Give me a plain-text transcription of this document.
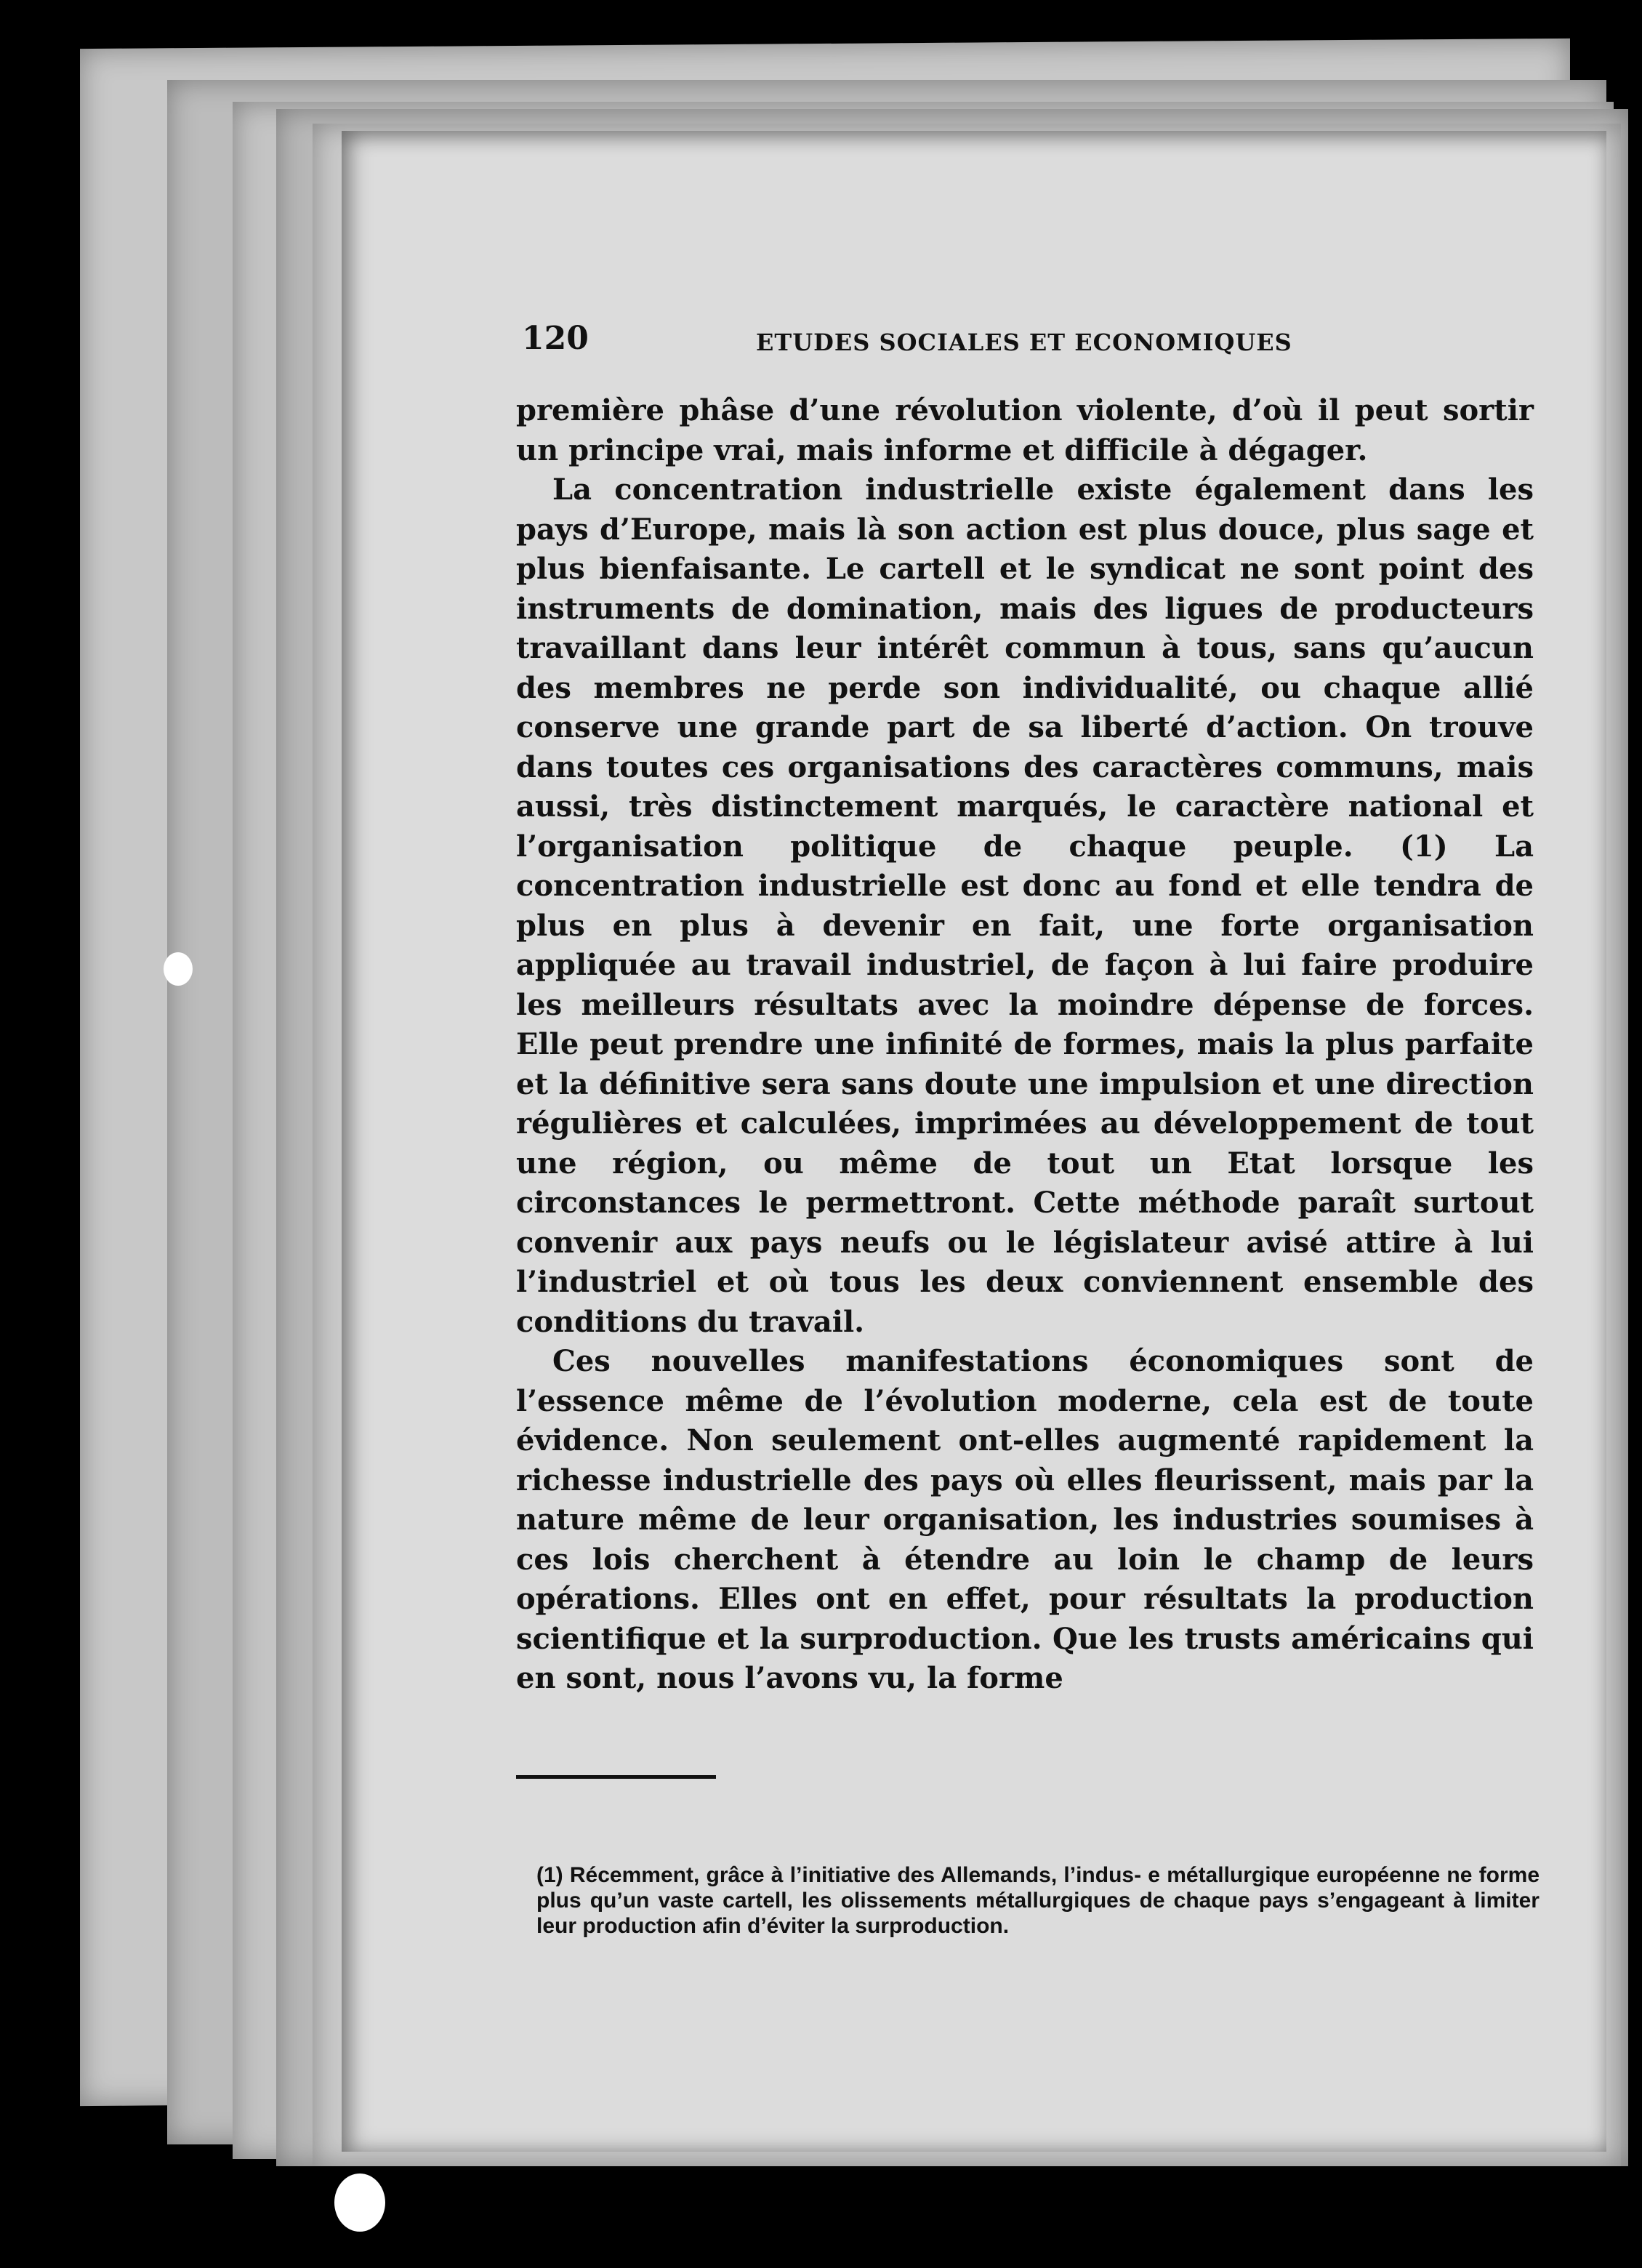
120	ETUDES SOCIALES ET ECONOMIQUES

première phâse d’une révolution violente, d’où il peut sortir un principe vrai, mais informe et difficile à dégager.

La concentration industrielle existe également dans les pays d’Europe, mais là son action est plus douce, plus sage et plus bienfaisante. Le cartell et le syndicat ne sont point des instruments de domination, mais des ligues de producteurs travaillant dans leur intérêt commun à tous, sans qu’aucun des membres ne perde son individualité, ou chaque allié conserve une grande part de sa liberté d’action. On trouve dans toutes ces organisations des caractères communs, mais aussi, très distinctement marqués, le caractère national et l’organisation politique de chaque peuple. (1) La concentration industrielle est donc au fond et elle tendra de plus en plus à devenir en fait, une forte organisation appliquée au travail industriel, de façon à lui faire produire les meilleurs résultats avec la moindre dépense de forces. Elle peut prendre une infinité de formes, mais la plus parfaite et la définitive sera sans doute une impulsion et une direction régulières et calculées, imprimées au développement de tout une région, ou même de tout un Etat lorsque les circonstances le permettront. Cette méthode paraît surtout convenir aux pays neufs ou le législateur avisé attire à lui l’industriel et où tous les deux conviennent ensemble des conditions du travail.

Ces nouvelles manifestations économiques sont de l’essence même de l’évolution moderne, cela est de toute évidence. Non seulement ont-elles augmenté rapidement la richesse industrielle des pays où elles fleurissent, mais par la nature même de leur organisation, les industries soumises à ces lois cherchent à étendre au loin le champ de leurs opérations. Elles ont en effet, pour résultats la production scientifique et la surproduction. Que les trusts américains qui en sont, nous l’avons vu, la forme

(1) Récemment, grâce à l’initiative des Allemands, l’indus- e métallurgique européenne ne forme plus qu’un vaste cartell, les olissements métallurgiques de chaque pays s’engageant à limiter leur production afin d’éviter la surproduction.
